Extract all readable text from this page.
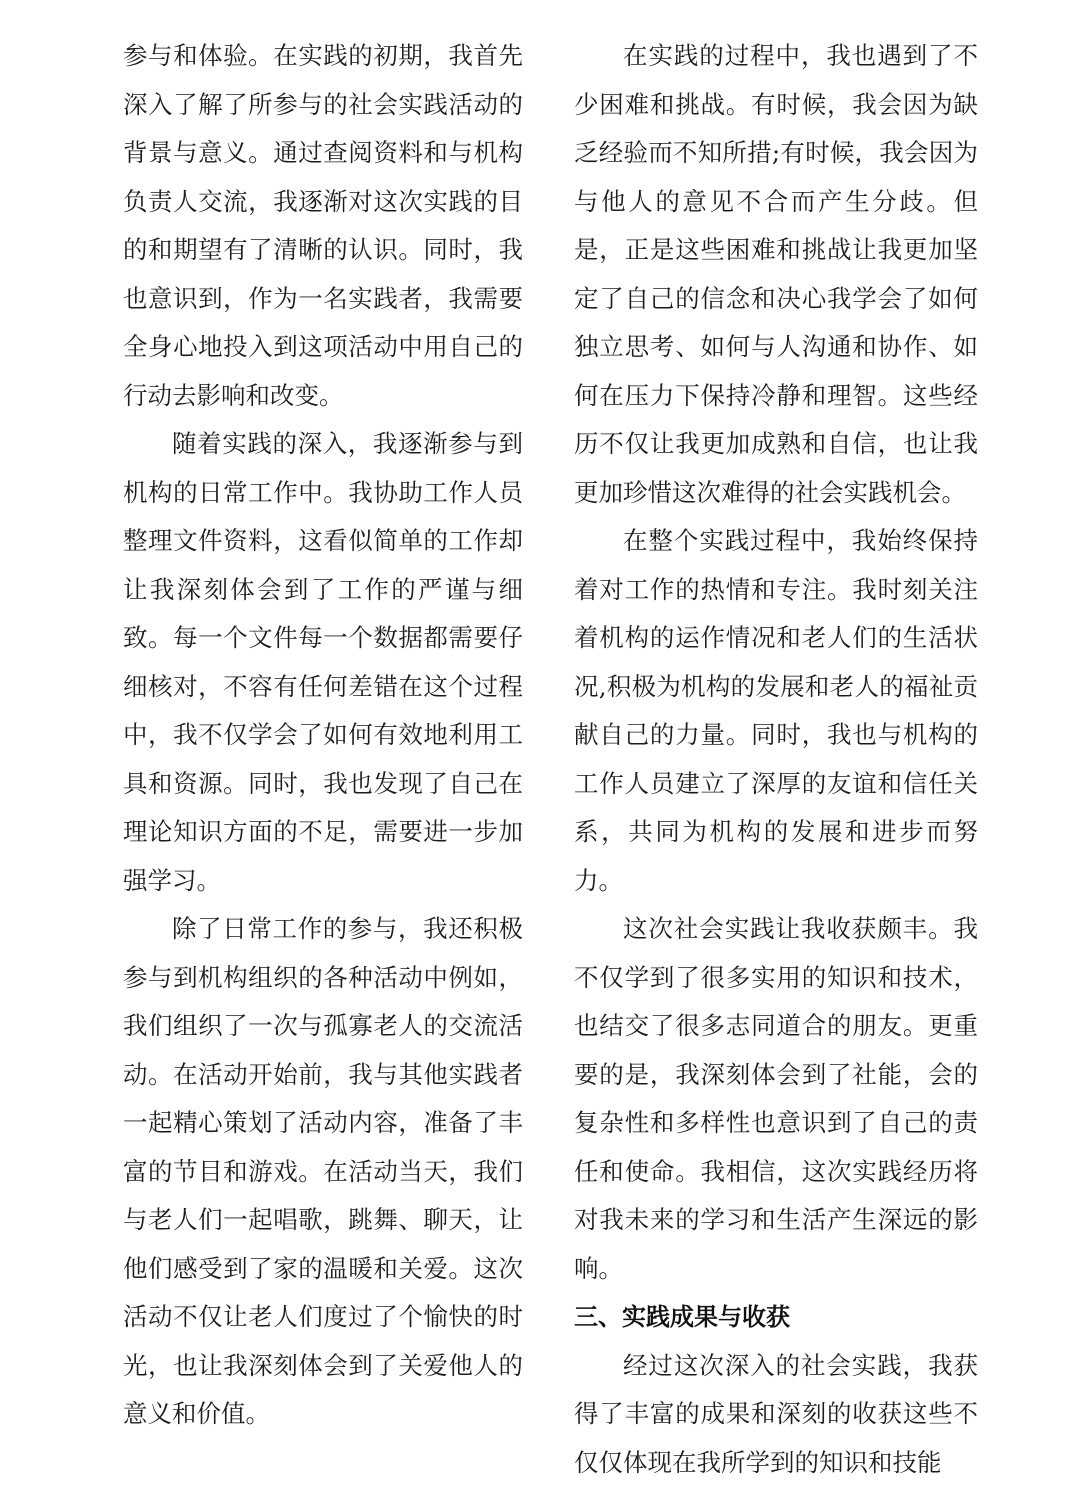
参与和体验。在实践的初期，我首先深入了解了所参与的社会实践活动的背景与意义。通过查阅资料和与机构负责人交流，我逐渐对这次实践的目的和期望有了清晰的认识。同时，我也意识到，作为一名实践者，我需要全身心地投入到这项活动中用自己的行动去影响和改变。

随着实践的深入，我逐渐参与到机构的日常工作中。我协助工作人员整理文件资料，这看似简单的工作却让我深刻体会到了工作的严谨与细致。每一个文件每一个数据都需要仔细核对，不容有任何差错在这个过程中，我不仅学会了如何有效地利用工具和资源。同时，我也发现了自己在理论知识方面的不足，需要进一步加强学习。

除了日常工作的参与，我还积极参与到机构组织的各种活动中例如，我们组织了一次与孤寡老人的交流活动。在活动开始前，我与其他实践者一起精心策划了活动内容，准备了丰富的节目和游戏。在活动当天，我们与老人们一起唱歌，跳舞、聊天，让他们感受到了家的温暖和关爱。这次活动不仅让老人们度过了个愉快的时光，也让我深刻体会到了关爱他人的意义和价值。

在实践的过程中，我也遇到了不少困难和挑战。有时候，我会因为缺乏经验而不知所措;有时候，我会因为与他人的意见不合而产生分歧。但是，正是这些困难和挑战让我更加坚定了自己的信念和决心我学会了如何独立思考、如何与人沟通和协作、如何在压力下保持冷静和理智。这些经历不仅让我更加成熟和自信，也让我更加珍惜这次难得的社会实践机会。

在整个实践过程中，我始终保持着对工作的热情和专注。我时刻关注着机构的运作情况和老人们的生活状况,积极为机构的发展和老人的福祉贡献自己的力量。同时，我也与机构的工作人员建立了深厚的友谊和信任关系，共同为机构的发展和进步而努力。

这次社会实践让我收获颇丰。我不仅学到了很多实用的知识和技术，也结交了很多志同道合的朋友。更重要的是，我深刻体会到了社能，会的复杂性和多样性也意识到了自己的责任和使命。我相信，这次实践经历将对我未来的学习和生活产生深远的影响。

三、实践成果与收获

经过这次深入的社会实践，我获得了丰富的成果和深刻的收获这些不仅仅体现在我所学到的知识和技能
